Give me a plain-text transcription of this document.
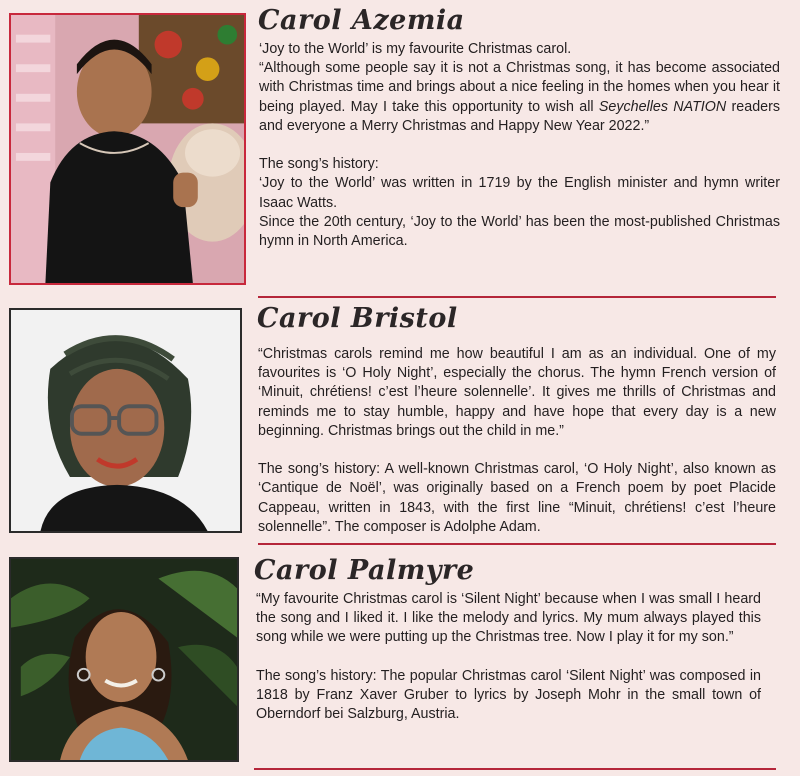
Carol Azemia

‘Joy to the World’ is my favourite Christmas carol.

“Although some people say it is not a Christmas song, it has become associated with Christmas time and brings about a nice feeling in the homes when you hear it being played. May I take this opportunity to wish all Seychelles NATION readers and everyone a Merry Christmas and Happy New Year 2022.”

The song’s history:

‘Joy to the World’ was written in 1719 by the English minister and hymn writer Isaac Watts.

Since the 20th century, ‘Joy to the World’ has been the most-published Christmas hymn in North America.

Carol Bristol

“Christmas carols remind me how beautiful I am as an individual. One of my favourites is ‘O Holy Night’, especially the chorus. The hymn French version of ‘Minuit, chrétiens! c’est l’heure solennelle’. It gives me thrills of Christmas and reminds me to stay humble, happy and have hope that every day is a new beginning. Christmas brings out the child in me.”

The song’s history: A well-known Christmas carol, ‘O Holy Night’, also known as ‘Cantique de Noël’, was originally based on a French poem by poet Placide Cappeau, written in 1843, with the first line “Minuit, chrétiens! c’est l’heure solennelle”. The composer is Adolphe Adam.

Carol Palmyre

“My favourite Christmas carol is ‘Silent Night’ because when I was small I heard the song and I liked it. I like the melody and lyrics. My mum always played this song while we were putting up the Christmas tree. Now I play it for my son.”

The song’s history: The popular Christmas carol ‘Silent Night’ was composed in 1818 by Franz Xaver Gruber to lyrics by Joseph Mohr in the small town of Oberndorf bei Salzburg, Austria.
